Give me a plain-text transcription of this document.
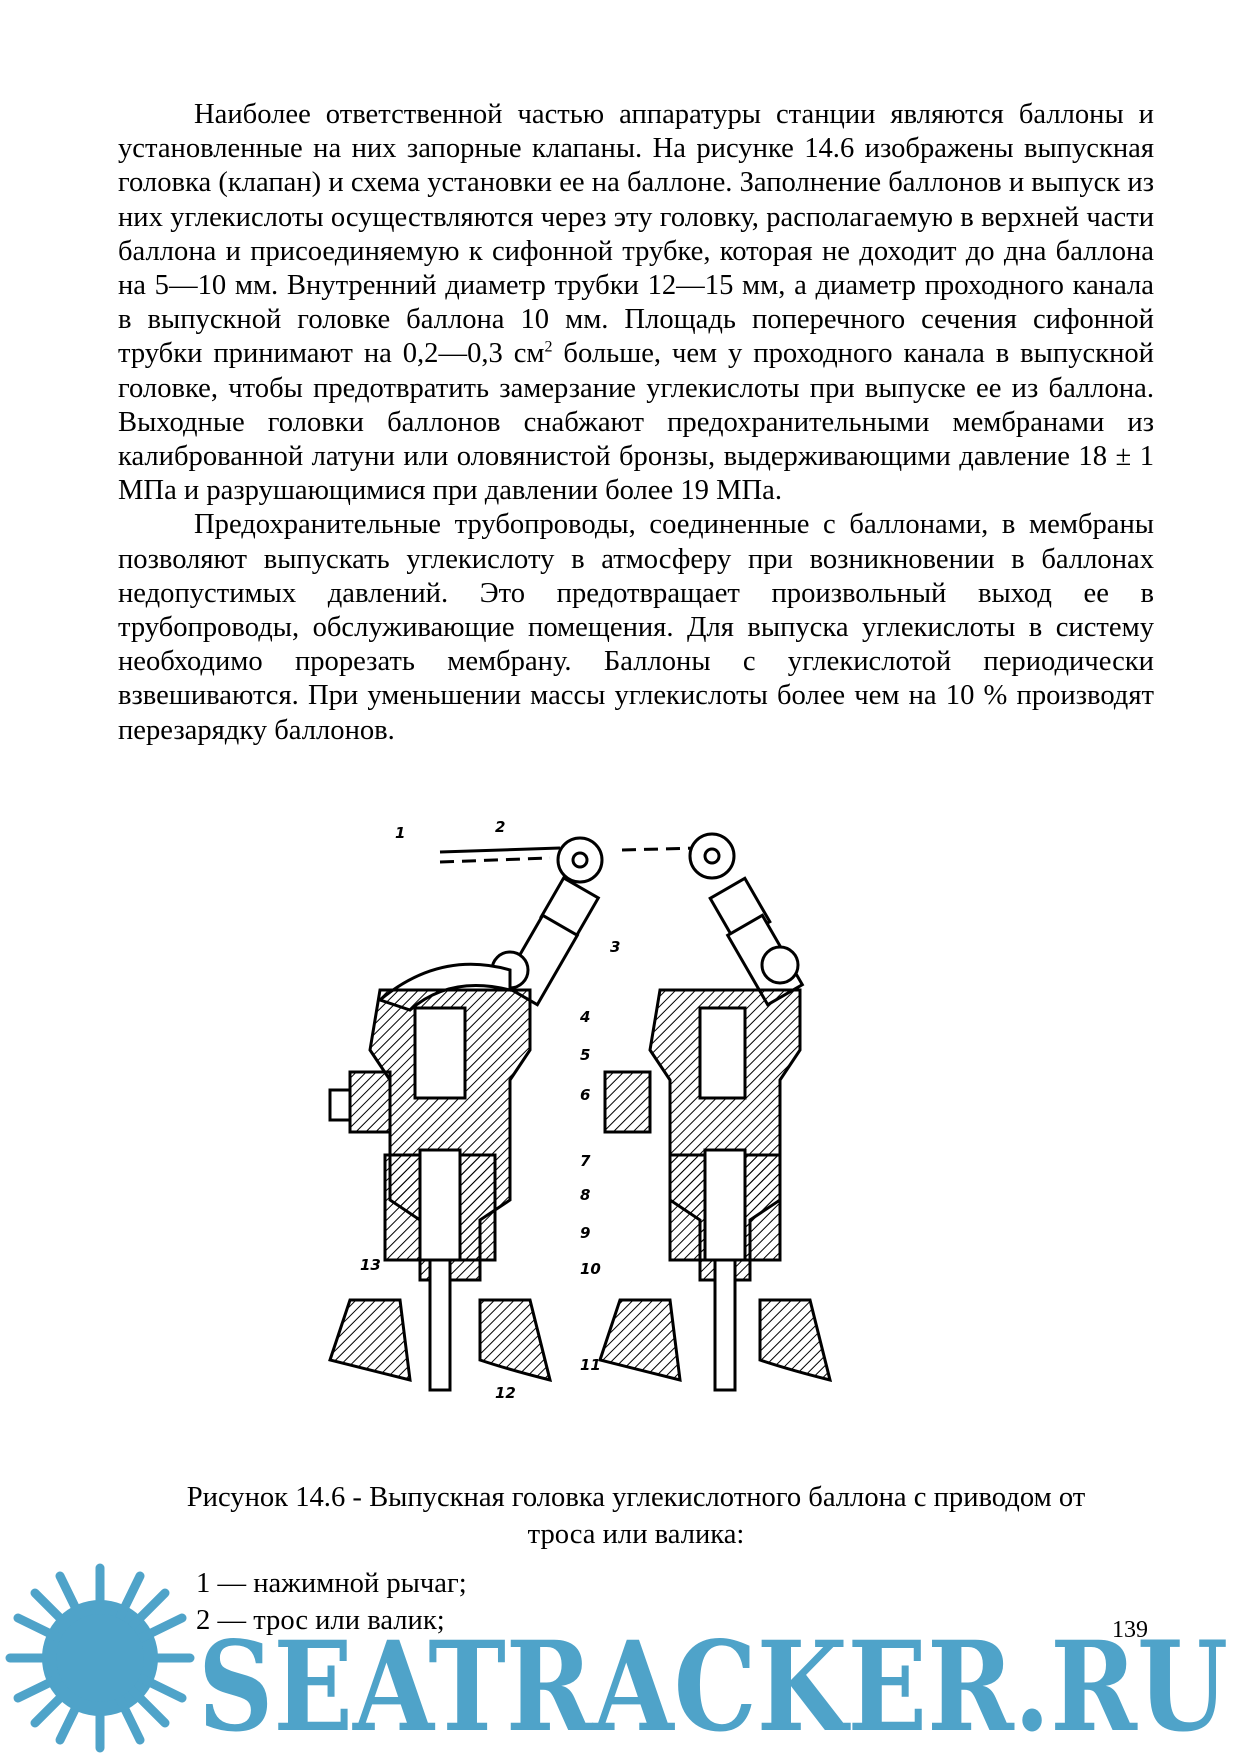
Наиболее ответственной частью аппаратуры станции являются баллоны и установленные на них запорные клапаны. На рисунке 14.6 изображены выпускная головка (клапан) и схема установки ее на баллоне. Заполнение баллонов и выпуск из них углекислоты осуществляются через эту головку, располагаемую в верхней части баллона и присоединяемую к сифонной трубке, которая не доходит до дна баллона на 5—10 мм. Внутренний диаметр трубки 12—15 мм, а диаметр проходного канала в выпускной головке баллона 10 мм. Площадь поперечного сечения сифонной трубки принимают на 0,2—0,3 $см^2$ больше, чем у проходного канала в выпускной головке, чтобы предотвратить замерзание углекислоты при выпуске ее из баллона. Выходные головки баллонов снабжают предохранительными мембранами из калиброванной латуни или оловянистой бронзы, выдерживающими давление 18 ± 1 МПа и разрушающимися при давлении более 19 МПа.

Предохранительные трубопроводы, соединенные с баллонами, в мембраны позволяют выпускать углекислоту в атмосферу при возникновении в баллонах недопустимых давлений. Это предотвращает произвольный выход ее в трубопроводы, обслуживающие помещения. Для выпуска углекислоты в систему необходимо прорезать мембрану. Баллоны с углекислотой периодически взвешиваются. При уменьшении массы углекислоты более чем на 10 % производят перезарядку баллонов.

1	2
3
4
5
6
7
8
9
10
11
12
13
Рисунок 14.6 - Выпускная головка углекислотного баллона с приводом от
троса или валика:
1 — нажимной рычаг;
2 — трос или валик;	139
SEATRACKER.RU
